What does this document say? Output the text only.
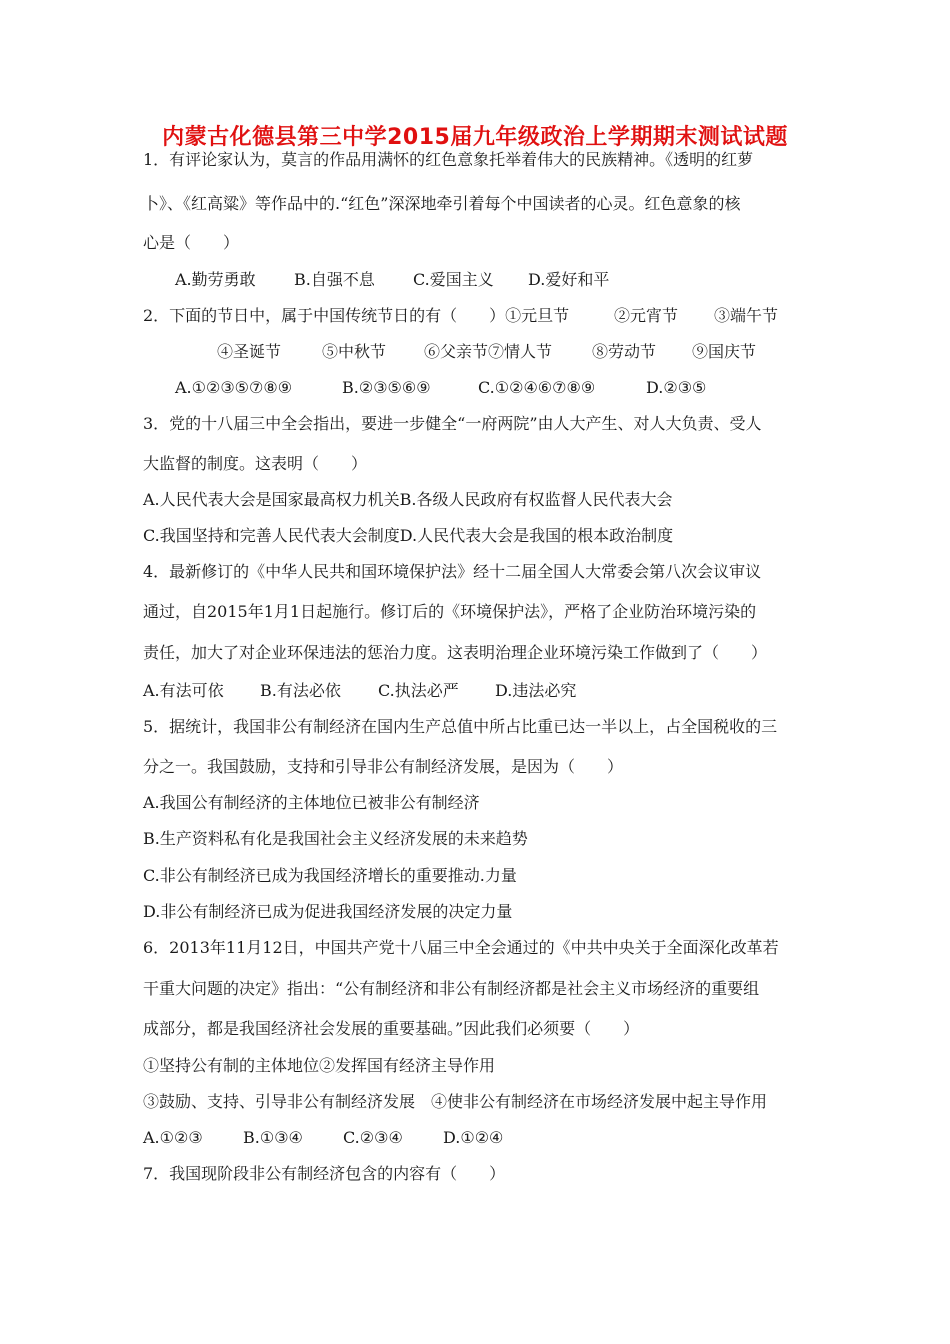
内蒙古化德县第三中学2015届九年级政治上学期期末测试试题
1．有评论家认为，莫言的作品用满怀的红色意象托举着伟大的民族精神。《透明的红萝
卜》、《红高粱》等作品中的.“红色”深深地牵引着每个中国读者的心灵。红色意象的核
心是（　　）
A.勤劳勇敢 B.自强不息 C.爱国主义 D.爱好和平
2．下面的节日中，属于中国传统节日的有（　　）①元旦节	②元宵节 ③端午节
④圣诞节	⑤中秋节 ⑥父亲节⑦情人节 ⑧劳动节 ⑨国庆节
A.①②③⑤⑦⑧⑨	B.②③⑤⑥⑨	C.①②④⑥⑦⑧⑨	D.②③⑤
3．党的十八届三中全会指出，要进一步健全“一府两院”由人大产生、对人大负责、受人
大监督的制度。这表明（　　）
A.人民代表大会是国家最高权力机关B.各级人民政府有权监督人民代表大会
C.我国坚持和完善人民代表大会制度D.人民代表大会是我国的根本政治制度
4．最新修订的《中华人民共和国环境保护法》经十二届全国人大常委会第八次会议审议
通过，自2015年1月1日起施行。修订后的《环境保护法》，严格了企业防治环境污染的
责任，加大了对企业环保违法的惩治力度。这表明治理企业环境污染工作做到了（　　）
A.有法可依 B.有法必依 C.执法必严 D.违法必究
5．据统计，我国非公有制经济在国内生产总值中所占比重已达一半以上，占全国税收的三
分之一。我国鼓励，支持和引导非公有制经济发展，是因为（　　）
A.我国公有制经济的主体地位已被非公有制经济
B.生产资料私有化是我国社会主义经济发展的未来趋势
C.非公有制经济已成为我国经济增长的重要推动.力量
D.非公有制经济已成为促进我国经济发展的决定力量
6．2013年11月12日，中国共产党十八届三中全会通过的《中共中央关于全面深化改革若
干重大问题的决定》指出：“公有制经济和非公有制经济都是社会主义市场经济的重要组
成部分，都是我国经济社会发展的重要基础。”因此我们必须要（　　）
①坚持公有制的主体地位②发挥国有经济主导作用
③鼓励、支持、引导非公有制经济发展　④使非公有制经济在市场经济发展中起主导作用
A.①②③	B.①③④	C.②③④	D.①②④
7．我国现阶段非公有制经济包含的内容有（　　）
